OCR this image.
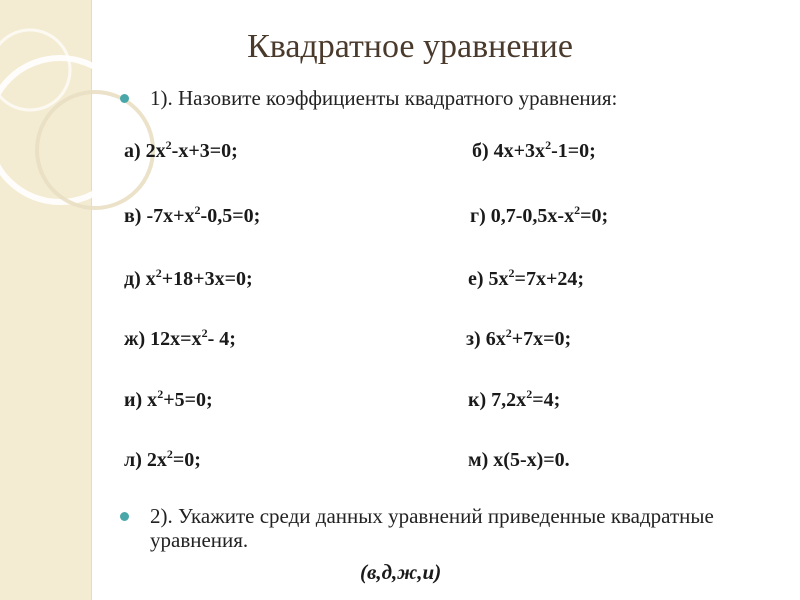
Квадратное уравнение
1). Назовите коэффициенты квадратного уравнения:
а) $2х^2-х+3=0$;	б) $4х+3х^2-1=0$;
в) $-7х+х^2-0,5=0$;	г) $0,7-0,5х-х^2=0$;
д) $х^2+18+3х=0$;	е) $5х^2=7х+24$;
ж) $12х=х^2-$ 4;	з) $6х^2+7х=0$;
и) $х^2+5=0$;	к) $7,2х^2=4$;
л) $2х^2=0$;	м) х(5-х)=0.
2). Укажите среди данных уравнений приведенные квадратные уравнения.
(в,д,ж,и)
